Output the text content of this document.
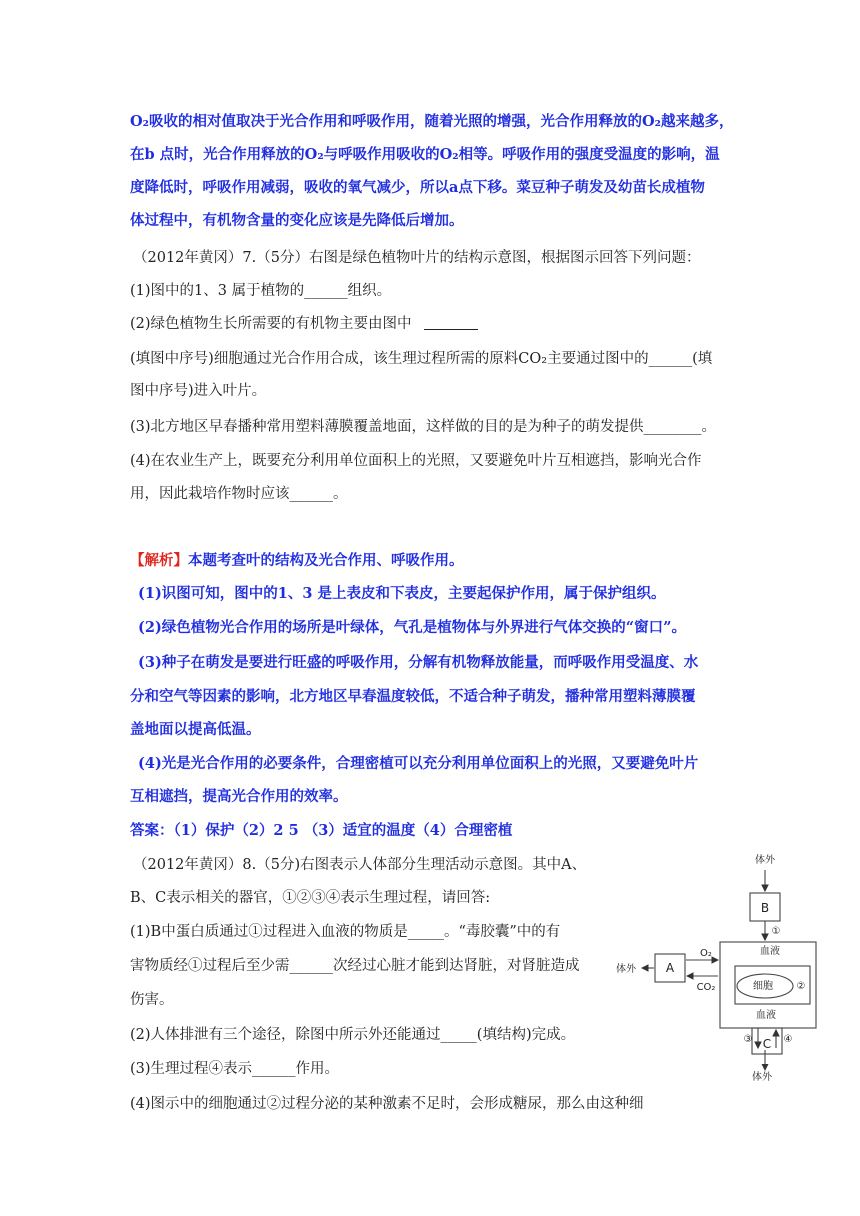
O₂吸收的相对值取决于光合作用和呼吸作用，随着光照的增强，光合作用释放的O₂越来越多，
在b 点时，光合作用释放的O₂与呼吸作用吸收的O₂相等。呼吸作用的强度受温度的影响，温
度降低时，呼吸作用减弱，吸收的氧气减少，所以a点下移。菜豆种子萌发及幼苗长成植物
体过程中，有机物含量的变化应该是先降低后增加。
（2012年黄冈）7.（5分）右图是绿色植物叶片的结构示意图，根据图示回答下列问题：
(1)图中的1、3 属于植物的______组织。
(2)绿色植物生长所需要的有机物主要由图中
(填图中序号)细胞通过光合作用合成，该生理过程所需的原料CO₂主要通过图中的______(填
图中序号)进入叶片。
(3)北方地区早春播种常用塑料薄膜覆盖地面，这样做的目的是为种子的萌发提供________。
(4)在农业生产上，既要充分利用单位面积上的光照，又要避免叶片互相遮挡，影响光合作
用，因此栽培作物时应该______。
【解析】本题考查叶的结构及光合作用、呼吸作用。
(1)识图可知，图中的1、3 是上表皮和下表皮，主要起保护作用，属于保护组织。
(2)绿色植物光合作用的场所是叶绿体，气孔是植物体与外界进行气体交换的“窗口”。
(3)种子在萌发是要进行旺盛的呼吸作用，分解有机物释放能量，而呼吸作用受温度、水
分和空气等因素的影响，北方地区早春温度较低，不适合种子萌发，播种常用塑料薄膜覆
盖地面以提高低温。
(4)光是光合作用的必要条件，合理密植可以充分利用单位面积上的光照，又要避免叶片
互相遮挡，提高光合作用的效率。
答案：（1）保护（2）2 5 （3）适宜的温度（4）合理密植
（2012年黄冈）8.（5分)右图表示人体部分生理活动示意图。其中A、
B、C表示相关的器官，①②③④表示生理过程，请回答:
(1)B中蛋白质通过①过程进入血液的物质是_____。“毒胶囊”中的有
害物质经①过程后至少需______次经过心脏才能到达肾脏，对肾脏造成
伤害。
(2)人体排泄有三个途径，除图中所示外还能通过_____(填结构)完成。
(3)生理过程④表示______作用。
(4)图示中的细胞通过②过程分泌的某种激素不足时，会形成糖尿，那么由这种细
体外
B
①
血液
体外 A
O₂
CO₂	细胞 ②
血液
③	④
C
体外
